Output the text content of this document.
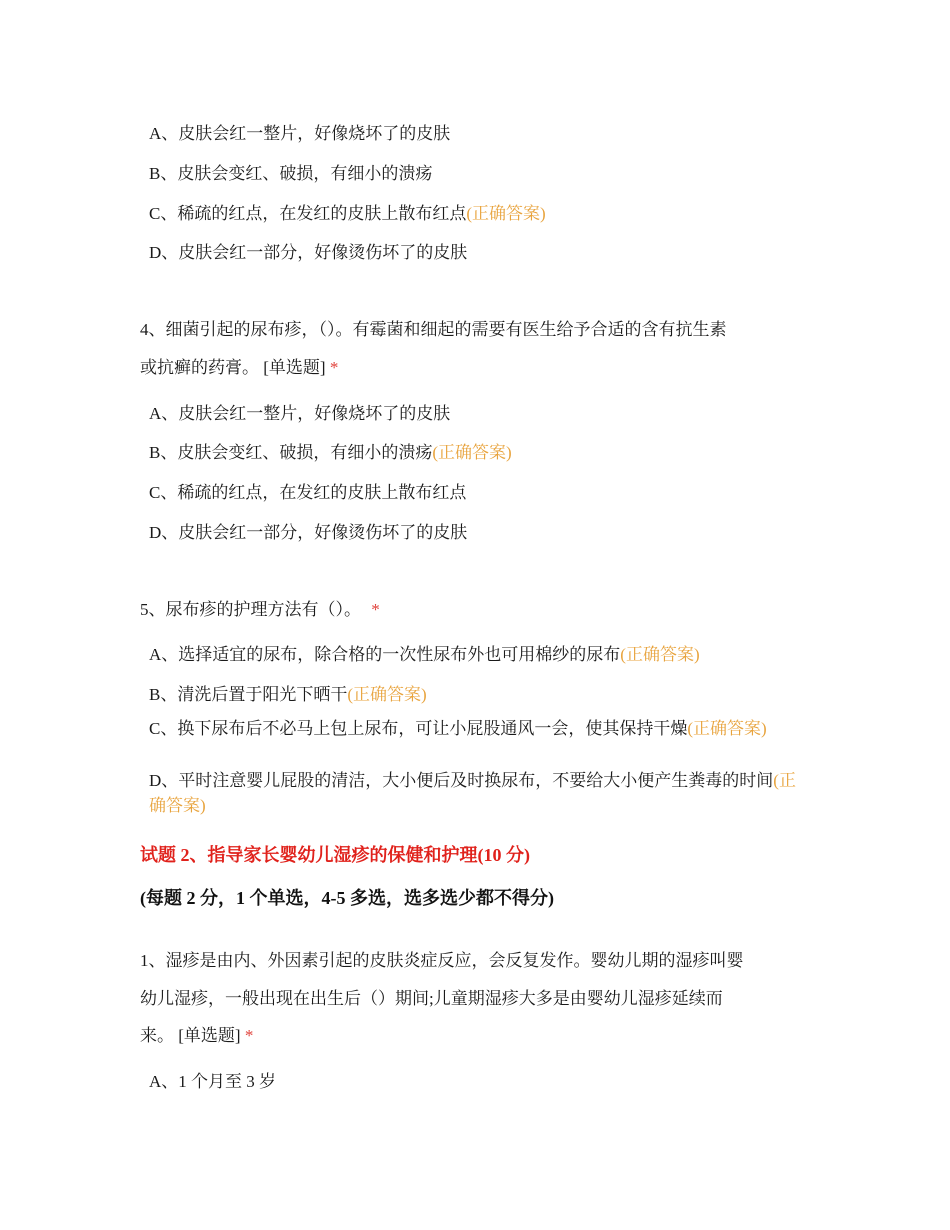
A、皮肤会红一整片，好像烧坏了的皮肤
B、皮肤会变红、破损，有细小的溃疡
C、稀疏的红点，在发红的皮肤上散布红点(正确答案)
D、皮肤会红一部分，好像烫伤坏了的皮肤
4、细菌引起的尿布疹，（）。有霉菌和细起的需要有医生给予合适的含有抗生素
或抗癣的药膏。 [单选题] *
A、皮肤会红一整片，好像烧坏了的皮肤
B、皮肤会变红、破损，有细小的溃疡(正确答案)
C、稀疏的红点，在发红的皮肤上散布红点
D、皮肤会红一部分，好像烫伤坏了的皮肤
5、尿布疹的护理方法有（）。 *
A、选择适宜的尿布，除合格的一次性尿布外也可用棉纱的尿布(正确答案)
B、清洗后置于阳光下晒干(正确答案)
C、换下尿布后不必马上包上尿布，可让小屁股通风一会，使其保持干燥(正确答案)
D、平时注意婴儿屁股的清洁，大小便后及时换尿布，不要给大小便产生粪毒的时间(正确答案)
试题 2、指导家长婴幼儿湿疹的保健和护理(10 分)
(每题 2 分，1 个单选，4-5 多选，选多选少都不得分)
1、湿疹是由内、外因素引起的皮肤炎症反应，会反复发作。婴幼儿期的湿疹叫婴
幼儿湿疹，一般出现在出生后（）期间;儿童期湿疹大多是由婴幼儿湿疹延续而
来。 [单选题] *
A、1 个月至 3 岁
